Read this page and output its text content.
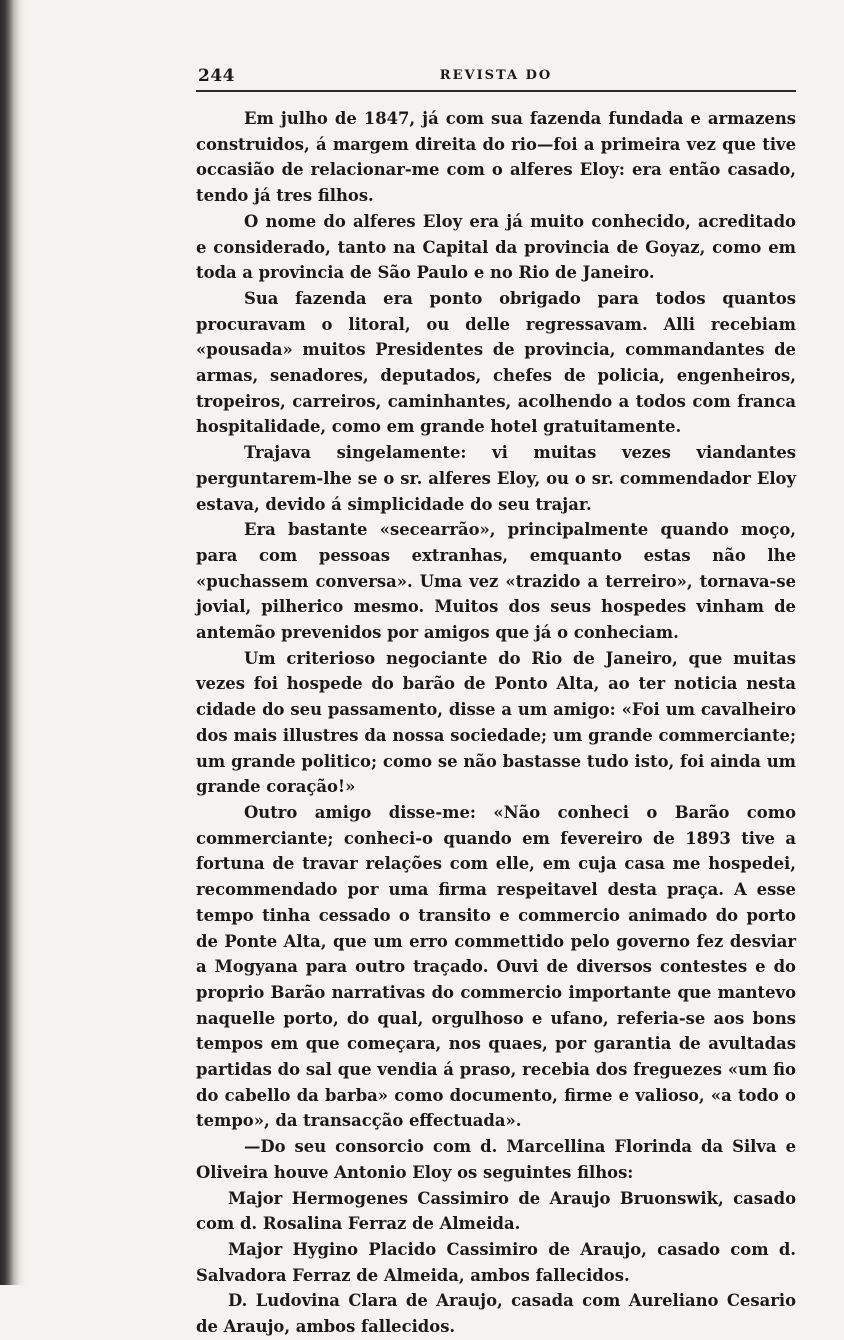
244	REVISTA DO

Em julho de 1847, já com sua fazenda fundada e armazens construidos, á margem direita do rio—foi a primeira vez que tive occasião de relacionar-me com o alferes Eloy: era então casado, tendo já tres filhos.

O nome do alferes Eloy era já muito conhecido, acreditado e considerado, tanto na Capital da provincia de Goyaz, como em toda a provincia de São Paulo e no Rio de Janeiro.

Sua fazenda era ponto obrigado para todos quantos procuravam o litoral, ou delle regressavam. Alli recebiam «pousada» muitos Presidentes de provincia, commandantes de armas, senadores, deputados, chefes de policia, engenheiros, tropeiros, carreiros, caminhantes, acolhendo a todos com franca hospitalidade, como em grande hotel gratuitamente.

Trajava singelamente: vi muitas vezes viandantes perguntarem-lhe se o sr. alferes Eloy, ou o sr. commendador Eloy estava, devido á simplicidade do seu trajar.

Era bastante «secearrão», principalmente quando moço, para com pessoas extranhas, emquanto estas não lhe «puchassem conversa». Uma vez «trazido a terreiro», tornava-se jovial, pilherico mesmo. Muitos dos seus hospedes vinham de antemão prevenidos por amigos que já o conheciam.

Um criterioso negociante do Rio de Janeiro, que muitas vezes foi hospede do barão de Ponto Alta, ao ter noticia nesta cidade do seu passamento, disse a um amigo: «Foi um cavalheiro dos mais illustres da nossa sociedade; um grande commerciante; um grande politico; como se não bastasse tudo isto, foi ainda um grande coração!»

Outro amigo disse-me: «Não conheci o Barão como commerciante; conheci-o quando em fevereiro de 1893 tive a fortuna de travar relações com elle, em cuja casa me hospedei, recommendado por uma firma respeitavel desta praça. A esse tempo tinha cessado o transito e commercio animado do porto de Ponte Alta, que um erro commettido pelo governo fez desviar a Mogyana para outro traçado. Ouvi de diversos contestes e do proprio Barão narrativas do commercio importante que mantevo naquelle porto, do qual, orgulhoso e ufano, referia-se aos bons tempos em que começara, nos quaes, por garantia de avultadas partidas do sal que vendia á praso, recebia dos freguezes «um fio do cabello da barba» como documento, firme e valioso, «a todo o tempo», da transacção effectuada».

—Do seu consorcio com d. Marcellina Florinda da Silva e Oliveira houve Antonio Eloy os seguintes filhos:

Major Hermogenes Cassimiro de Araujo Bruonswik, casado com d. Rosalina Ferraz de Almeida.

Major Hygino Placido Cassimiro de Araujo, casado com d. Salvadora Ferraz de Almeida, ambos fallecidos.

D. Ludovina Clara de Araujo, casada com Aureliano Cesario de Araujo, ambos fallecidos.
